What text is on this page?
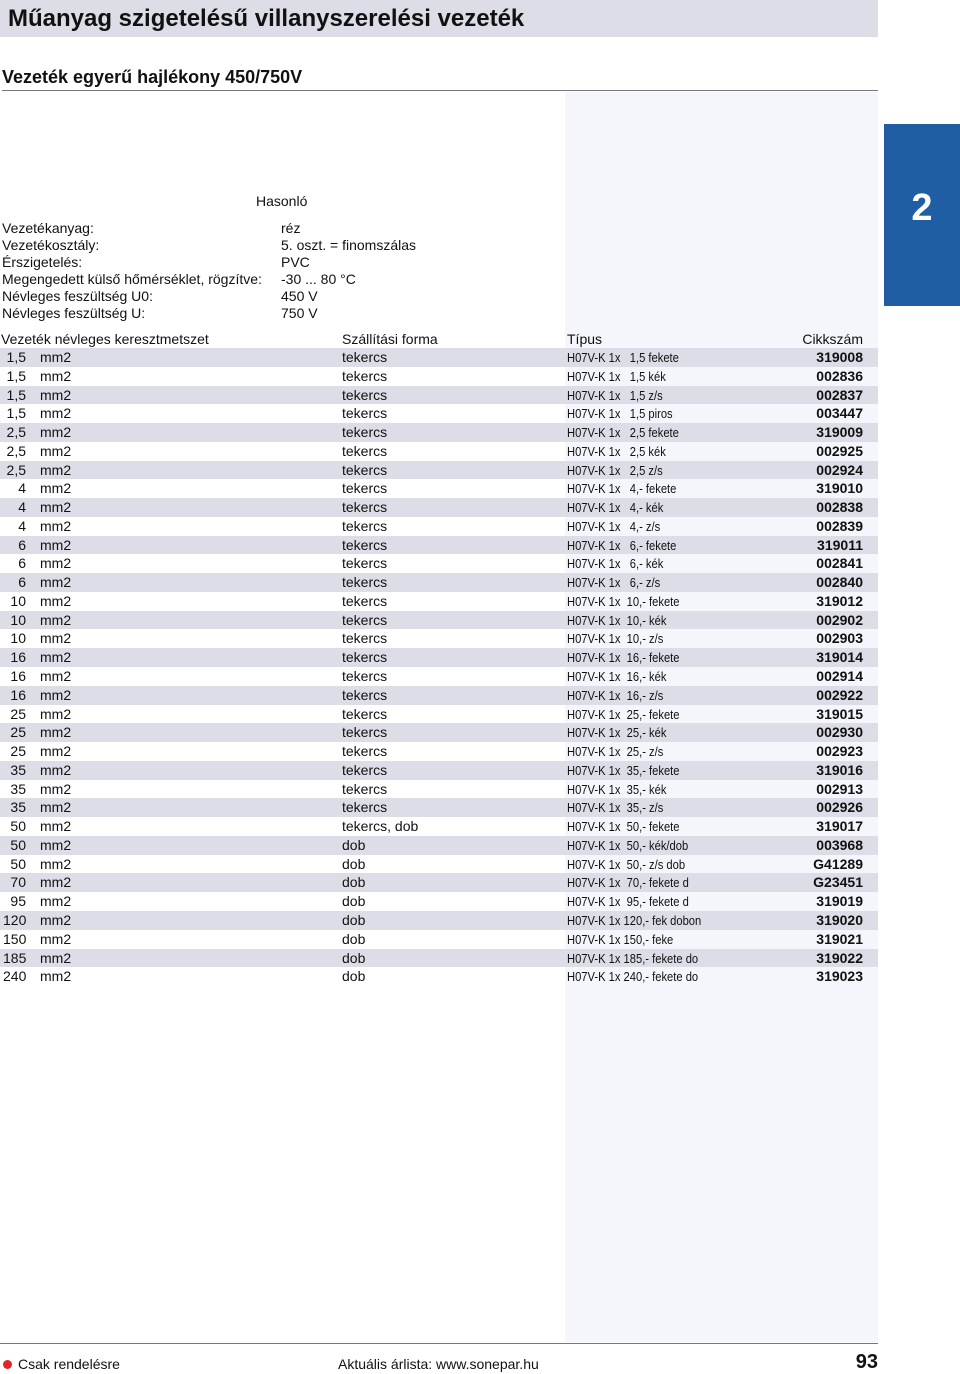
Műanyag szigetelésű villanyszerelési vezeték
Vezeték egyerű hajlékony 450/750V
2
Hasonló
Vezetékanyag:	réz
Vezetékosztály:	5. oszt. = finomszálas
Érszigetelés:	PVC
Megengedett külső hőmérséklet, rögzítve: -30 ... 80 °C
Névleges feszültség U0:	450 V
Névleges feszültség U:	750 V
Vezeték névleges keresztmetszet	Szállítási forma	Típus	Cikkszám
1,5 mm2	tekercs	H07V-K 1x   1,5 fekete	319008
1,5 mm2	tekercs	H07V-K 1x   1,5 kék	002836
1,5 mm2	tekercs	H07V-K 1x   1,5 z/s	002837
1,5 mm2	tekercs	H07V-K 1x   1,5 piros	003447
2,5 mm2	tekercs	H07V-K 1x   2,5 fekete	319009
2,5 mm2	tekercs	H07V-K 1x   2,5 kék	002925
2,5 mm2	tekercs	H07V-K 1x   2,5 z/s	002924
4 mm2	tekercs	H07V-K 1x   4,- fekete	319010
4 mm2	tekercs	H07V-K 1x   4,- kék	002838
4 mm2	tekercs	H07V-K 1x   4,- z/s	002839
6 mm2	tekercs	H07V-K 1x   6,- fekete	319011
6 mm2	tekercs	H07V-K 1x   6,- kék	002841
6 mm2	tekercs	H07V-K 1x   6,- z/s	002840
10 mm2	tekercs	H07V-K 1x  10,- fekete	319012
10 mm2	tekercs	H07V-K 1x  10,- kék	002902
10 mm2	tekercs	H07V-K 1x  10,- z/s	002903
16 mm2	tekercs	H07V-K 1x  16,- fekete	319014
16 mm2	tekercs	H07V-K 1x  16,- kék	002914
16 mm2	tekercs	H07V-K 1x  16,- z/s	002922
25 mm2	tekercs	H07V-K 1x  25,- fekete	319015
25 mm2	tekercs	H07V-K 1x  25,- kék	002930
25 mm2	tekercs	H07V-K 1x  25,- z/s	002923
35 mm2	tekercs	H07V-K 1x  35,- fekete	319016
35 mm2	tekercs	H07V-K 1x  35,- kék	002913
35 mm2	tekercs	H07V-K 1x  35,- z/s	002926
50 mm2	tekercs, dob	H07V-K 1x  50,- fekete	319017
50 mm2	dob	H07V-K 1x  50,- kék/dob	003968
50 mm2	dob	H07V-K 1x  50,- z/s dob	G41289
70 mm2	dob	H07V-K 1x  70,- fekete d	G23451
95 mm2	dob	H07V-K 1x  95,- fekete d	319019
120 mm2	dob	H07V-K 1x 120,- fek dobon	319020
150 mm2	dob	H07V-K 1x 150,- feke	319021
185 mm2	dob	H07V-K 1x 185,- fekete do	319022
240 mm2	dob	H07V-K 1x 240,- fekete do	319023
Csak rendelésre	Aktuális árlista: www.sonepar.hu	93
